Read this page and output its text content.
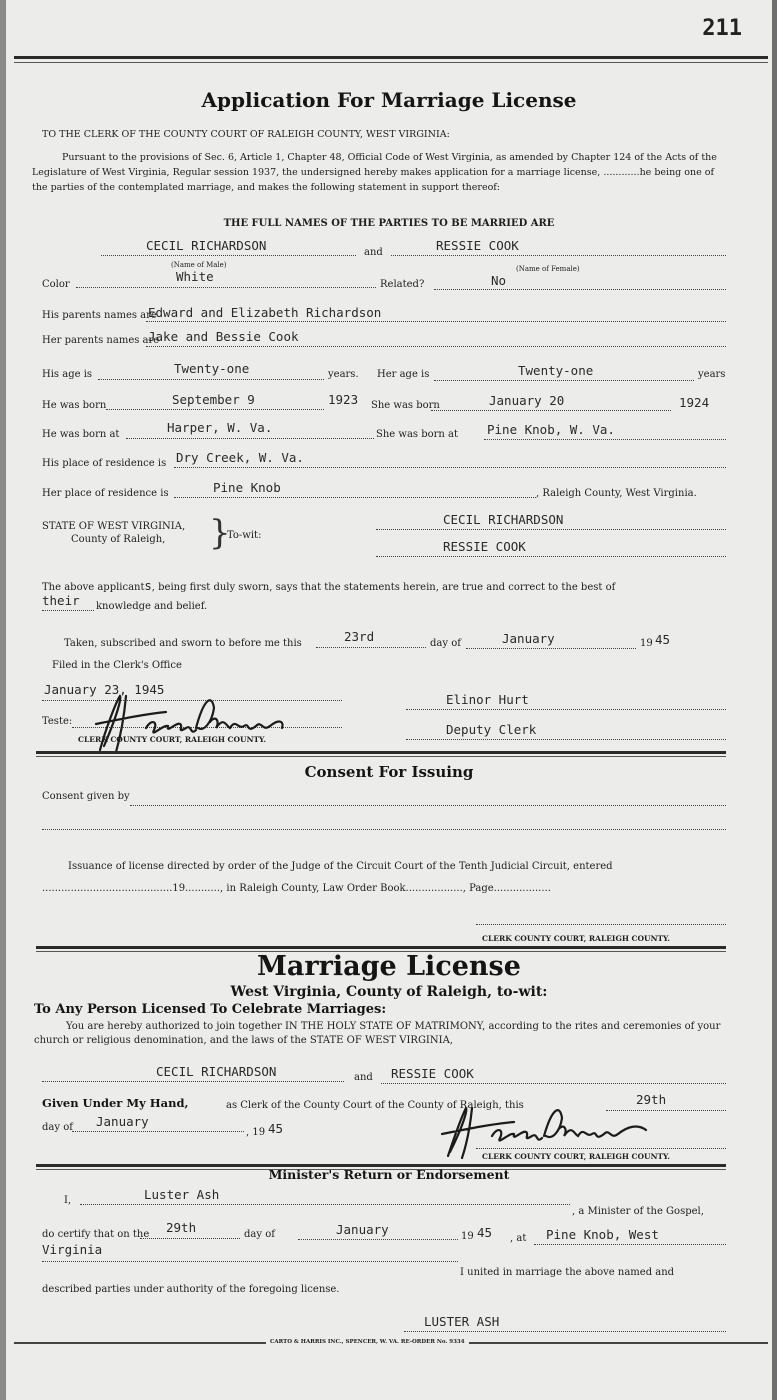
211
Application For Marriage License
TO THE CLERK OF THE COUNTY COURT OF RALEIGH COUNTY, WEST VIRGINIA:
Pursuant to the provisions of Sec. 6, Article 1, Chapter 48, Official Code of West Virginia, as amended by Chapter 124 of the Acts of the Legislature of West Virginia, Regular session 1937, the undersigned hereby makes application for a marriage license, ............he being one of the parties of the contemplated marriage, and makes the following statement in support thereof:
THE FULL NAMES OF THE PARTIES TO BE MARRIED ARE
CECIL RICHARDSON	and	RESSIE COOK
(Name of Male)	(Name of Female)
Color
White
Related?	No
His parents names are
Edward and Elizabeth Richardson
Her parents names are
Jake and Bessie Cook
His age is	Twenty-one	years. Her age is	Twenty-one	years
He was born	September 9	1923 She was born	January 20	1924
He was born at	Harper, W. Va.	She was born at Pine Knob, W. Va.
His place of residence is Dry Creek, W. Va.
Her place of residence is	Pine Knob	, Raleigh County, West Virginia.
STATE OF WEST VIRGINIA,
County of Raleigh, }
To-wit:
CECIL RICHARDSON
RESSIE COOK
The above applicants, being first duly sworn, says that the statements herein, are true and correct to the best of
their knowledge and belief.
Taken, subscribed and sworn to before me this	23rd	day of	January	19 45
Filed in the Clerk's Office
January 23, 1945
Teste:
CLERK COUNTY COURT, RALEIGH COUNTY.
Elinor Hurt
Deputy Clerk
Consent For Issuing
Consent given by
Issuance of license directed by order of the Judge of the Circuit Court of the Tenth Judicial Circuit, entered
.........................................19..........., in Raleigh County, Law Order Book.................., Page..................
CLERK COUNTY COURT, RALEIGH COUNTY.
Marriage License
West Virginia, County of Raleigh, to-wit:
To Any Person Licensed To Celebrate Marriages:
You are hereby authorized to join together IN THE HOLY STATE OF MATRIMONY, according to the rites and ceremonies of your church or religious denomination, and the laws of the STATE OF WEST VIRGINIA,
CECIL RICHARDSON	and RESSIE COOK
Given Under My Hand,	as Clerk of the County Court of the County of Raleigh, this	29th
day of January
, 19 45
CLERK COUNTY COURT, RALEIGH COUNTY.
Minister's Return or Endorsement
I,	Luster Ash
, a Minister of the Gospel,
do certify that on the 29th	day of	January	19 45 , at Pine Knob, West
Virginia
I united in marriage the above named and
described parties under authority of the foregoing license.
LUSTER ASH
CARTO & HARRIS INC., SPENCER, W. VA. RE-ORDER No. 9334
